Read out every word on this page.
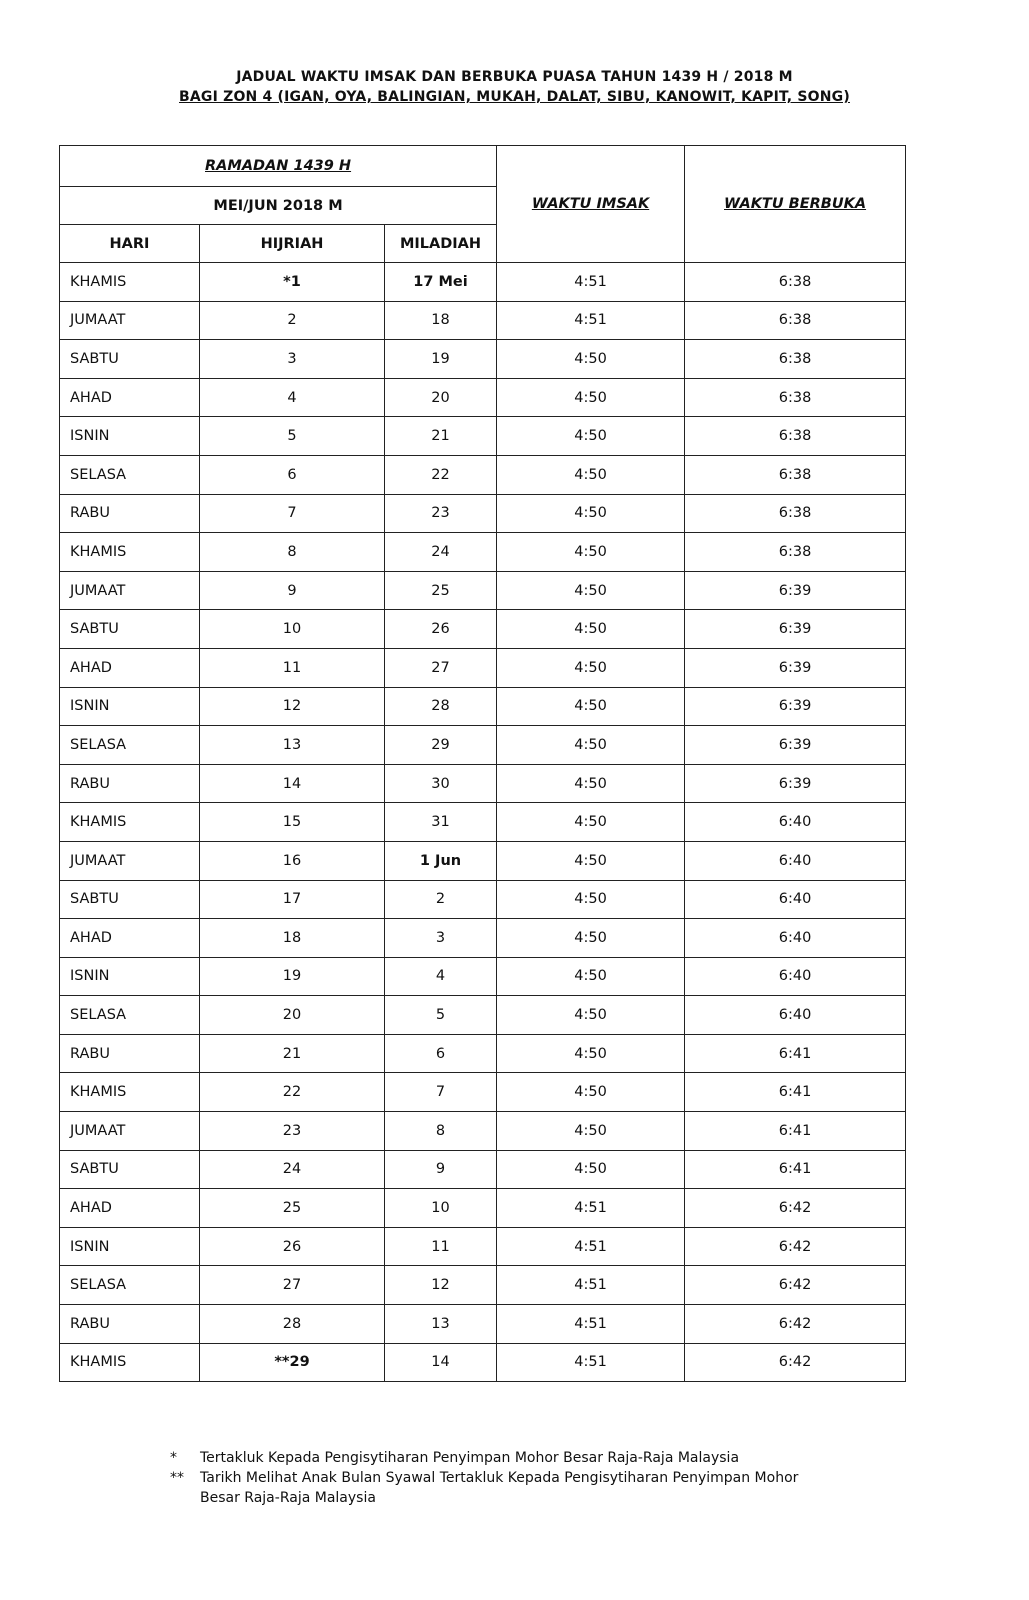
JADUAL WAKTU IMSAK DAN BERBUKA PUASA TAHUN 1439 H / 2018 M
BAGI ZON 4 (IGAN, OYA, BALINGIAN, MUKAH, DALAT, SIBU, KANOWIT, KAPIT, SONG)
RAMADAN 1439 H			WAKTU IMSAK	WAKTU BERBUKA
MEI/JUN 2018 M				
HARI	HIJRIAH	MILADIAH		
KHAMIS	*1	17 Mei	4:51	6:38
JUMAAT	2	18	4:51	6:38
SABTU	3	19	4:50	6:38
AHAD	4	20	4:50	6:38
ISNIN	5	21	4:50	6:38
SELASA	6	22	4:50	6:38
RABU	7	23	4:50	6:38
KHAMIS	8	24	4:50	6:38
JUMAAT	9	25	4:50	6:39
SABTU	10	26	4:50	6:39
AHAD	11	27	4:50	6:39
ISNIN	12	28	4:50	6:39
SELASA	13	29	4:50	6:39
RABU	14	30	4:50	6:39
KHAMIS	15	31	4:50	6:40
JUMAAT	16	1 Jun	4:50	6:40
SABTU	17	2	4:50	6:40
AHAD	18	3	4:50	6:40
ISNIN	19	4	4:50	6:40
SELASA	20	5	4:50	6:40
RABU	21	6	4:50	6:41
KHAMIS	22	7	4:50	6:41
JUMAAT	23	8	4:50	6:41
SABTU	24	9	4:50	6:41
AHAD	25	10	4:51	6:42
ISNIN	26	11	4:51	6:42
SELASA	27	12	4:51	6:42
RABU	28	13	4:51	6:42
KHAMIS	**29	14	4:51	6:42
* Tertakluk Kepada Pengisytiharan Penyimpan Mohor Besar Raja-Raja Malaysia
** Tarikh Melihat Anak Bulan Syawal Tertakluk Kepada Pengisytiharan Penyimpan Mohor Besar Raja-Raja Malaysia
